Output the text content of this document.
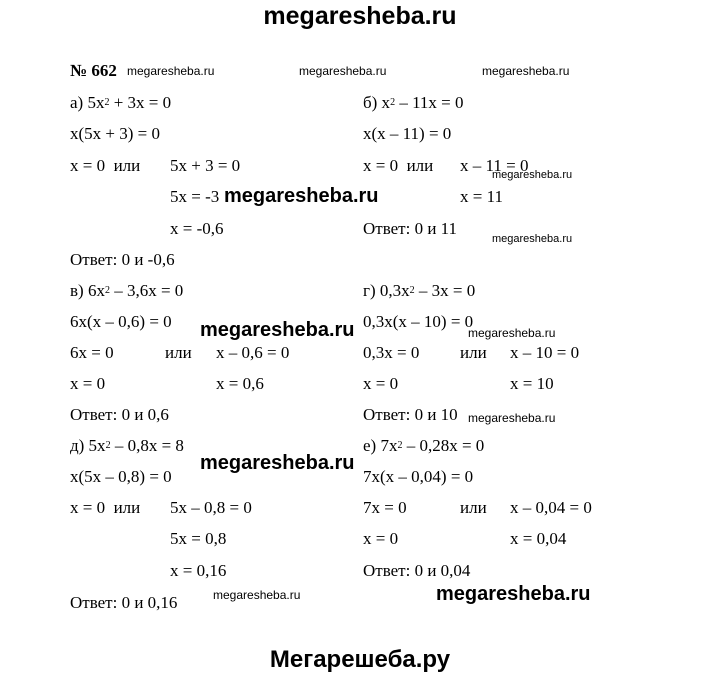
megaresheba.ru
Мегарешеба.ру
№ 662 megaresheba.ru	megaresheba.ru	megaresheba.ru
megaresheba.ru
megaresheba.ru
megaresheba.ru
megaresheba.ru
megaresheba.ru
megaresheba.ru
megaresheba.ru
megaresheba.ru
megaresheba.ru
а) $5x^2 + 3x = 0$
x(5x + 3) = 0
x = 0  или 5x + 3 = 0
5x = -3
x = -0,6
Ответ: 0 и -0,6
б) $x^2 - 11x = 0$
x(x – 11) = 0
x = 0  или x – 11 = 0
x = 11
Ответ: 0 и 11
в) $6x^2 - 3,6x = 0$
6x(x – 0,6) = 0
6x = 0	или x – 0,6 = 0
x = 0	x = 0,6
Ответ: 0 и 0,6
г) $0,3x^2 - 3x = 0$
0,3x(x – 10) = 0
0,3x = 0 или x – 10 = 0
x = 0	x = 10
Ответ: 0 и 10
д) $5x^2 - 0,8x = 8$
x(5x – 0,8) = 0
x = 0  или 5x – 0,8 = 0
5x = 0,8
x = 0,16
Ответ: 0 и 0,16
е) $7x^2 - 0,28x = 0$
7x(x – 0,04) = 0
7x = 0	или x – 0,04 = 0
x = 0	x = 0,04
Ответ: 0 и 0,04
